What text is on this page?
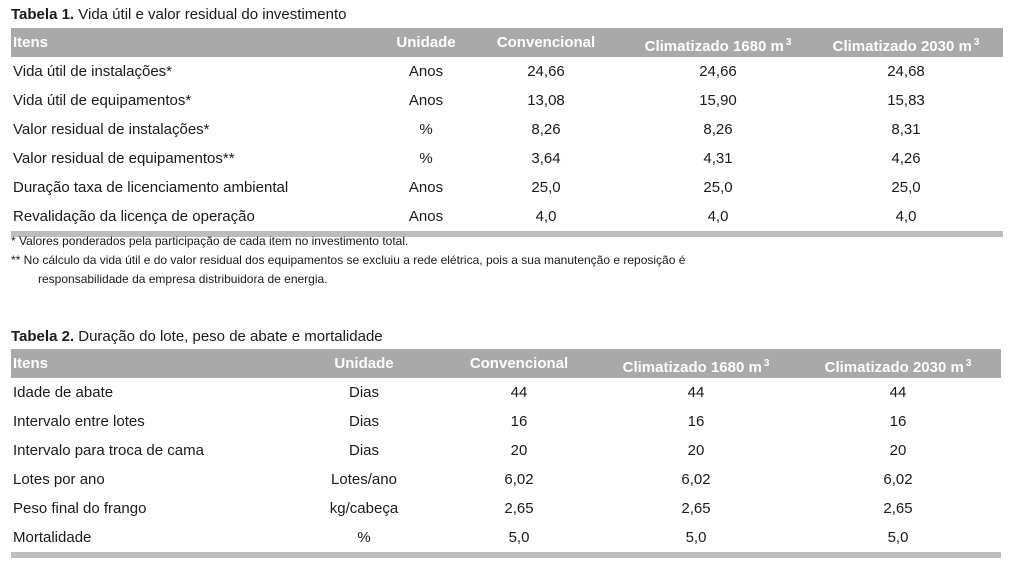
Tabela 1. Vida útil e valor residual do investimento
Itens	Unidade	Convencional	Climatizado 1680 m $^3$	Climatizado 2030 m $^3$
Vida útil de instalações*	Anos	24,66	24,66	24,68
Vida útil de equipamentos*	Anos	13,08	15,90	15,83
Valor residual de instalações*	%	8,26	8,26	8,31
Valor residual de equipamentos**	%	3,64	4,31	4,26
Duração taxa de licenciamento ambiental	Anos	25,0	25,0	25,0
Revalidação da licença de operação	Anos	4,0	4,0	4,0
* Valores ponderados pela participação de cada item no investimento total.
** No cálculo da vida útil e do valor residual dos equipamentos se excluiu a rede elétrica, pois a sua manutenção e reposição é
responsabilidade da empresa distribuidora de energia.
Tabela 2. Duração do lote, peso de abate e mortalidade
Itens	Unidade	Convencional	Climatizado 1680 m $^3$	Climatizado 2030 m $^3$
Idade de abate	Dias	44	44	44
Intervalo entre lotes	Dias	16	16	16
Intervalo para troca de cama	Dias	20	20	20
Lotes por ano	Lotes/ano	6,02	6,02	6,02
Peso final do frango	kg/cabeça	2,65	2,65	2,65
Mortalidade	%	5,0	5,0	5,0
